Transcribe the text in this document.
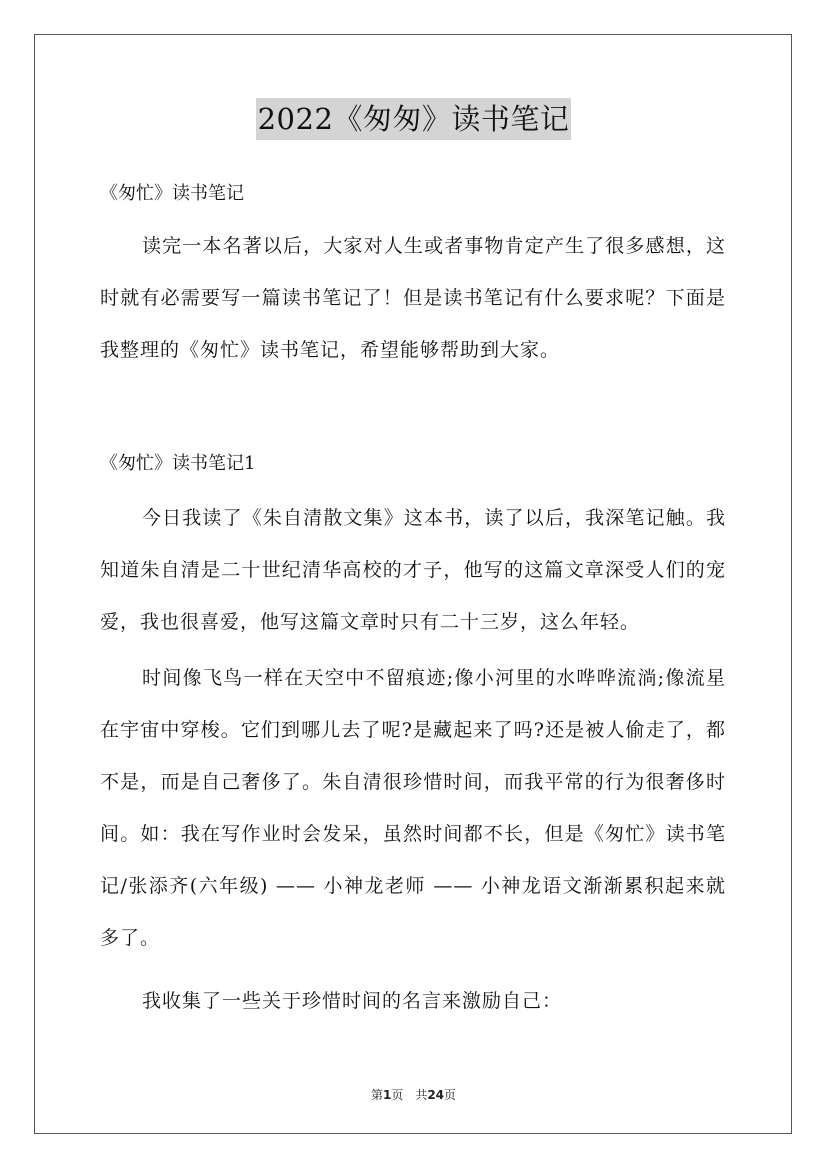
2022《匆匆》读书笔记
《匆忙》读书笔记

读完一本名著以后，大家对人生或者事物肯定产生了很多感想，这时就有必需要写一篇读书笔记了！但是读书笔记有什么要求呢？下面是我整理的《匆忙》读书笔记，希望能够帮助到大家。

《匆忙》读书笔记1

今日我读了《朱自清散文集》这本书，读了以后，我深笔记触。我知道朱自清是二十世纪清华高校的才子，他写的这篇文章深受人们的宠爱，我也很喜爱，他写这篇文章时只有二十三岁，这么年轻。

时间像飞鸟一样在天空中不留痕迹;像小河里的水哗哗流淌;像流星在宇宙中穿梭。它们到哪儿去了呢?是藏起来了吗?还是被人偷走了，都不是，而是自己奢侈了。朱自清很珍惜时间，而我平常的行为很奢侈时间。如：我在写作业时会发呆，虽然时间都不长，但是《匆忙》读书笔记/张添齐(六年级) —— 小神龙老师 —— 小神龙语文渐渐累积起来就多了。

我收集了一些关于珍惜时间的名言来激励自己：

第1页　共24页
